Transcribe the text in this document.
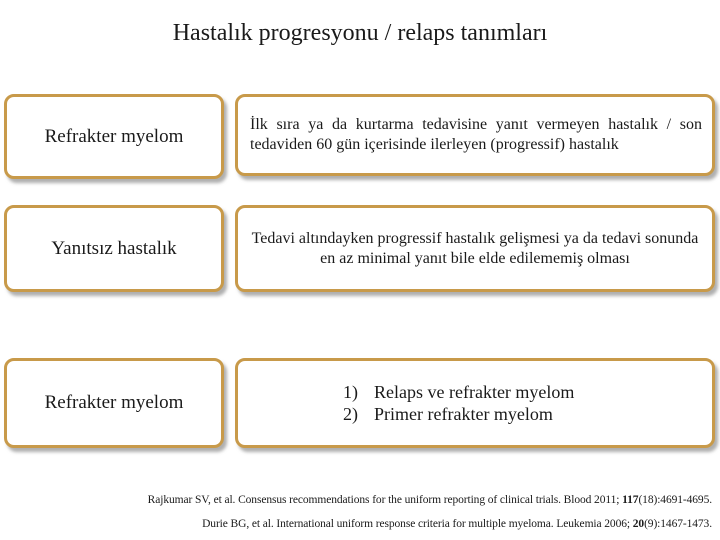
Hastalık progresyonu / relaps tanımları
Refrakter myelom
İlk sıra ya da kurtarma tedavisine yanıt vermeyen hastalık / son tedaviden 60 gün içerisinde ilerleyen (progressif) hastalık
Yanıtsız hastalık	Tedavi altındayken progressif hastalık gelişmesi ya da tedavi sonunda en az minimal yanıt bile elde edilememiş olması
Refrakter myelom	1) Relaps ve refrakter myelom
2) Primer refrakter myelom
Rajkumar SV, et al. Consensus recommendations for the uniform reporting of clinical trials. Blood 2011; 117(18):4691-4695.
Durie BG, et al. International uniform response criteria for multiple myeloma. Leukemia 2006; 20(9):1467-1473.
